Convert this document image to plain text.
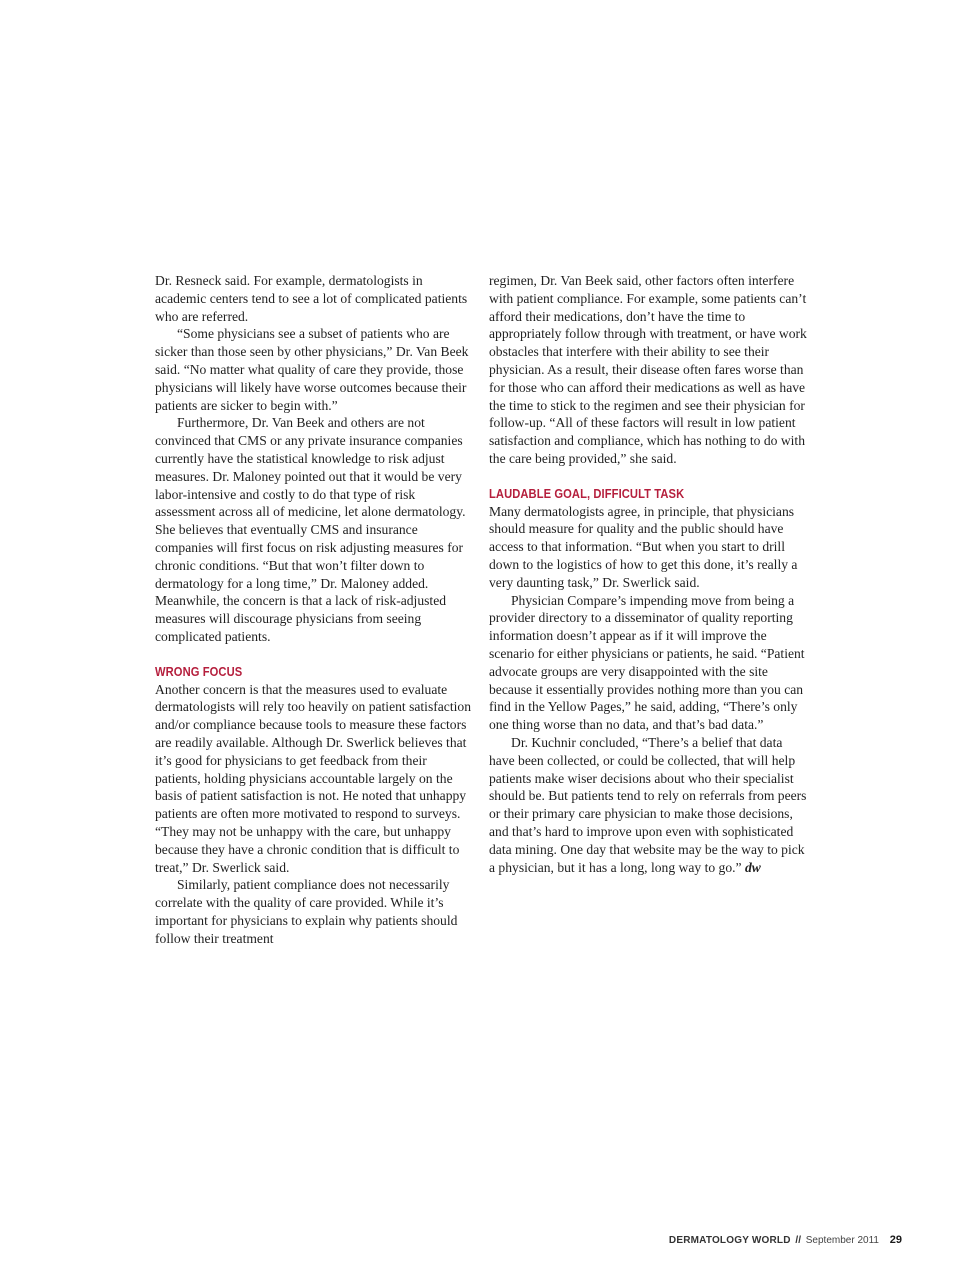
Dr. Resneck said. For example, dermatologists in academic centers tend to see a lot of complicated patients who are referred.

“Some physicians see a subset of patients who are sicker than those seen by other physicians,” Dr. Van Beek said. “No matter what quality of care they provide, those physicians will likely have worse outcomes because their patients are sicker to begin with.”

Furthermore, Dr. Van Beek and others are not convinced that CMS or any private insurance companies currently have the statistical knowledge to risk adjust measures. Dr. Maloney pointed out that it would be very labor-intensive and costly to do that type of risk assessment across all of medicine, let alone dermatology. She believes that eventually CMS and insurance companies will first focus on risk adjusting measures for chronic conditions. “But that won’t filter down to dermatology for a long time,” Dr. Maloney added. Meanwhile, the concern is that a lack of risk-adjusted measures will discourage physicians from seeing complicated patients.

WRONG FOCUS

Another concern is that the measures used to evaluate dermatologists will rely too heavily on patient satisfaction and/or compliance because tools to measure these factors are readily available. Although Dr. Swerlick believes that it’s good for physicians to get feedback from their patients, holding physicians accountable largely on the basis of patient satisfaction is not. He noted that unhappy patients are often more motivated to respond to surveys. “They may not be unhappy with the care, but unhappy because they have a chronic condition that is difficult to treat,” Dr. Swerlick said.

Similarly, patient compliance does not necessarily correlate with the quality of care provided. While it’s important for physicians to explain why patients should follow their treatment

regimen, Dr. Van Beek said, other factors often interfere with patient compliance. For example, some patients can’t afford their medications, don’t have the time to appropriately follow through with treatment, or have work obstacles that interfere with their ability to see their physician. As a result, their disease often fares worse than for those who can afford their medications as well as have the time to stick to the regimen and see their physician for follow-up. “All of these factors will result in low patient satisfaction and compliance, which has nothing to do with the care being provided,” she said.

LAUDABLE GOAL, DIFFICULT TASK

Many dermatologists agree, in principle, that physicians should measure for quality and the public should have access to that information. “But when you start to drill down to the logistics of how to get this done, it’s really a very daunting task,” Dr. Swerlick said.

Physician Compare’s impending move from being a provider directory to a disseminator of quality reporting information doesn’t appear as if it will improve the scenario for either physicians or patients, he said. “Patient advocate groups are very disappointed with the site because it essentially provides nothing more than you can find in the Yellow Pages,” he said, adding, “There’s only one thing worse than no data, and that’s bad data.”

Dr. Kuchnir concluded, “There’s a belief that data have been collected, or could be collected, that will help patients make wiser decisions about who their specialist should be. But patients tend to rely on referrals from peers or their primary care physician to make those decisions, and that’s hard to improve upon even with sophisticated data mining. One day that website may be the way to pick a physician, but it has a long, long way to go.” dw

DERMATOLOGY WORLD // September 2011 29
